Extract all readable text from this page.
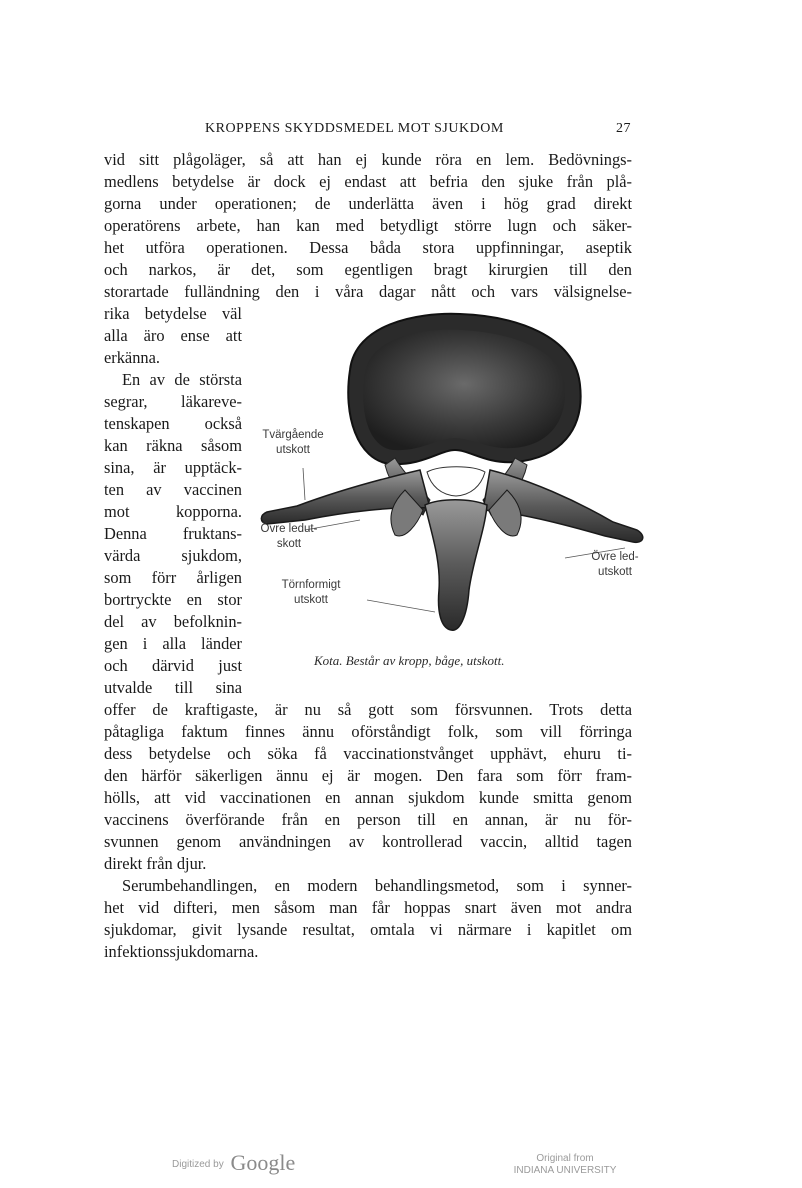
KROPPENS SKYDDSMEDEL MOT SJUKDOM	27
vid sitt plågoläger, så att han ej kunde röra en lem. Bedövnings-
medlens betydelse är dock ej endast att befria den sjuke från plå-
gorna under operationen; de underlätta även i hög grad direkt
operatörens arbete, han kan med betydligt större lugn och säker-
het utföra operationen. Dessa båda stora uppfinningar, aseptik
och narkos, är det, som egentligen bragt kirurgien till den
storartade fulländning den i våra dagar nått och vars välsignelse-
rika betydelse väl
alla äro ense att
erkänna.
En av de största
segrar, läkareve-
tenskapen också
kan räkna såsom
sina, är upptäck-
ten av vaccinen
mot kopporna.
Denna fruktans-
värda sjukdom,
som förr årligen
bortryckte en stor
del av befolknin-
gen i alla länder
och därvid just
utvalde till sina
offer de kraftigaste, är nu så gott som försvunnen. Trots detta
påtagliga faktum finnes ännu oförståndigt folk, som vill förringa
dess betydelse och söka få vaccinationstvånget upphävt, ehuru ti-
den härför säkerligen ännu ej är mogen. Den fara som förr fram-
hölls, att vid vaccinationen en annan sjukdom kunde smitta genom
vaccinens överförande från en person till en annan, är nu för-
svunnen genom användningen av kontrollerad vaccin, alltid tagen
direkt från djur.
Serumbehandlingen, en modern behandlingsmetod, som i synner-
het vid difteri, men såsom man får hoppas snart även mot andra
sjukdomar, givit lysande resultat, omtala vi närmare i kapitlet om
infektionssjukdomarna.
Tvärgående
utskott
Övre ledut-
skott
Törnformigt
utskott
Övre led-
utskott
Kota. Består av kropp, båge, utskott.
Digitized by Google	Original from
INDIANA UNIVERSITY
